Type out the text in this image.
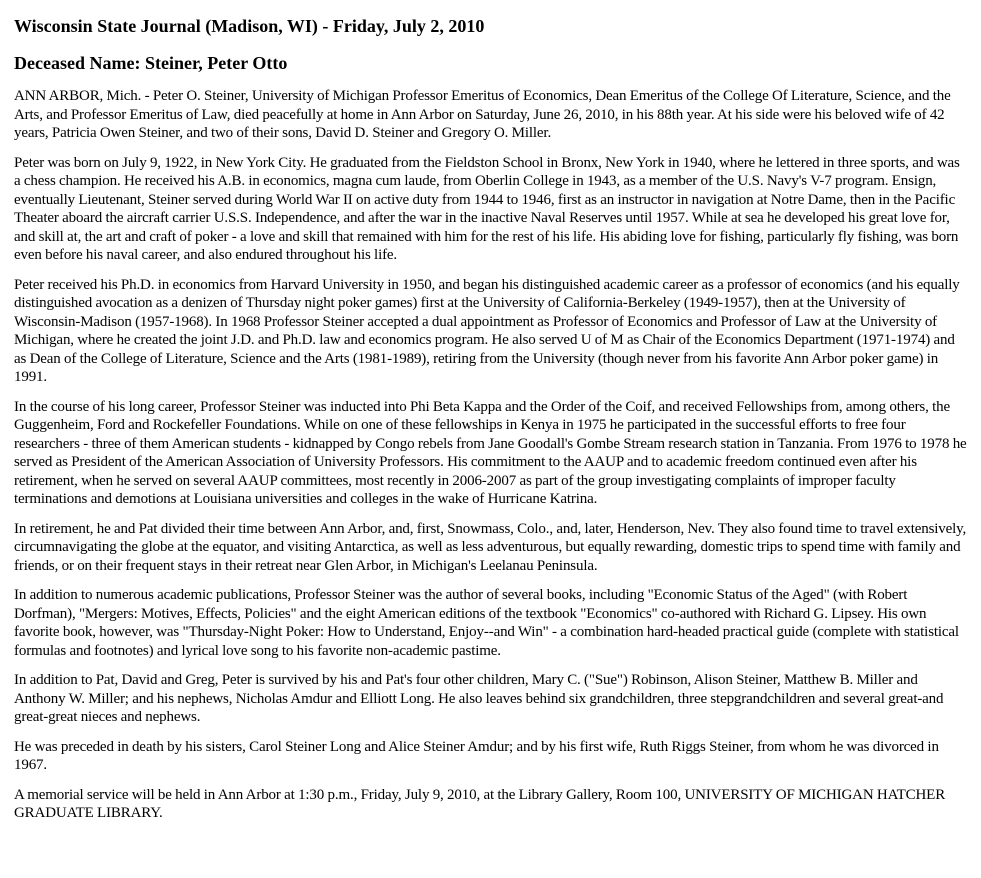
Wisconsin State Journal (Madison, WI) - Friday, July 2, 2010
Deceased Name: Steiner, Peter Otto

ANN ARBOR, Mich. - Peter O. Steiner, University of Michigan Professor Emeritus of Economics, Dean Emeritus of the College Of Literature, Science, and the Arts, and Professor Emeritus of Law, died peacefully at home in Ann Arbor on Saturday, June 26, 2010, in his 88th year. At his side were his beloved wife of 42 years, Patricia Owen Steiner, and two of their sons, David D. Steiner and Gregory O. Miller.

Peter was born on July 9, 1922, in New York City. He graduated from the Fieldston School in Bronx, New York in 1940, where he lettered in three sports, and was a chess champion. He received his A.B. in economics, magna cum laude, from Oberlin College in 1943, as a member of the U.S. Navy's V-7 program. Ensign, eventually Lieutenant, Steiner served during World War II on active duty from 1944 to 1946, first as an instructor in navigation at Notre Dame, then in the Pacific Theater aboard the aircraft carrier U.S.S. Independence, and after the war in the inactive Naval Reserves until 1957. While at sea he developed his great love for, and skill at, the art and craft of poker - a love and skill that remained with him for the rest of his life. His abiding love for fishing, particularly fly fishing, was born even before his naval career, and also endured throughout his life.

Peter received his Ph.D. in economics from Harvard University in 1950, and began his distinguished academic career as a professor of economics (and his equally distinguished avocation as a denizen of Thursday night poker games) first at the University of California-Berkeley (1949-1957), then at the University of Wisconsin-Madison (1957-1968). In 1968 Professor Steiner accepted a dual appointment as Professor of Economics and Professor of Law at the University of Michigan, where he created the joint J.D. and Ph.D. law and economics program. He also served U of M as Chair of the Economics Department (1971-1974) and as Dean of the College of Literature, Science and the Arts (1981-1989), retiring from the University (though never from his favorite Ann Arbor poker game) in 1991.

In the course of his long career, Professor Steiner was inducted into Phi Beta Kappa and the Order of the Coif, and received Fellowships from, among others, the Guggenheim, Ford and Rockefeller Foundations. While on one of these fellowships in Kenya in 1975 he participated in the successful efforts to free four researchers - three of them American students - kidnapped by Congo rebels from Jane Goodall's Gombe Stream research station in Tanzania. From 1976 to 1978 he served as President of the American Association of University Professors. His commitment to the AAUP and to academic freedom continued even after his retirement, when he served on several AAUP committees, most recently in 2006-2007 as part of the group investigating complaints of improper faculty terminations and demotions at Louisiana universities and colleges in the wake of Hurricane Katrina.

In retirement, he and Pat divided their time between Ann Arbor, and, first, Snowmass, Colo., and, later, Henderson, Nev. They also found time to travel extensively, circumnavigating the globe at the equator, and visiting Antarctica, as well as less adventurous, but equally rewarding, domestic trips to spend time with family and friends, or on their frequent stays in their retreat near Glen Arbor, in Michigan's Leelanau Peninsula.

In addition to numerous academic publications, Professor Steiner was the author of several books, including "Economic Status of the Aged" (with Robert Dorfman), "Mergers: Motives, Effects, Policies" and the eight American editions of the textbook "Economics" co-authored with Richard G. Lipsey. His own favorite book, however, was "Thursday-Night Poker: How to Understand, Enjoy--and Win" - a combination hard-headed practical guide (complete with statistical formulas and footnotes) and lyrical love song to his favorite non-academic pastime.

In addition to Pat, David and Greg, Peter is survived by his and Pat's four other children, Mary C. ("Sue") Robinson, Alison Steiner, Matthew B. Miller and Anthony W. Miller; and his nephews, Nicholas Amdur and Elliott Long. He also leaves behind six grandchildren, three stepgrandchildren and several great-and great-great nieces and nephews.

He was preceded in death by his sisters, Carol Steiner Long and Alice Steiner Amdur; and by his first wife, Ruth Riggs Steiner, from whom he was divorced in 1967.

A memorial service will be held in Ann Arbor at 1:30 p.m., Friday, July 9, 2010, at the Library Gallery, Room 100, UNIVERSITY OF MICHIGAN HATCHER GRADUATE LIBRARY.
